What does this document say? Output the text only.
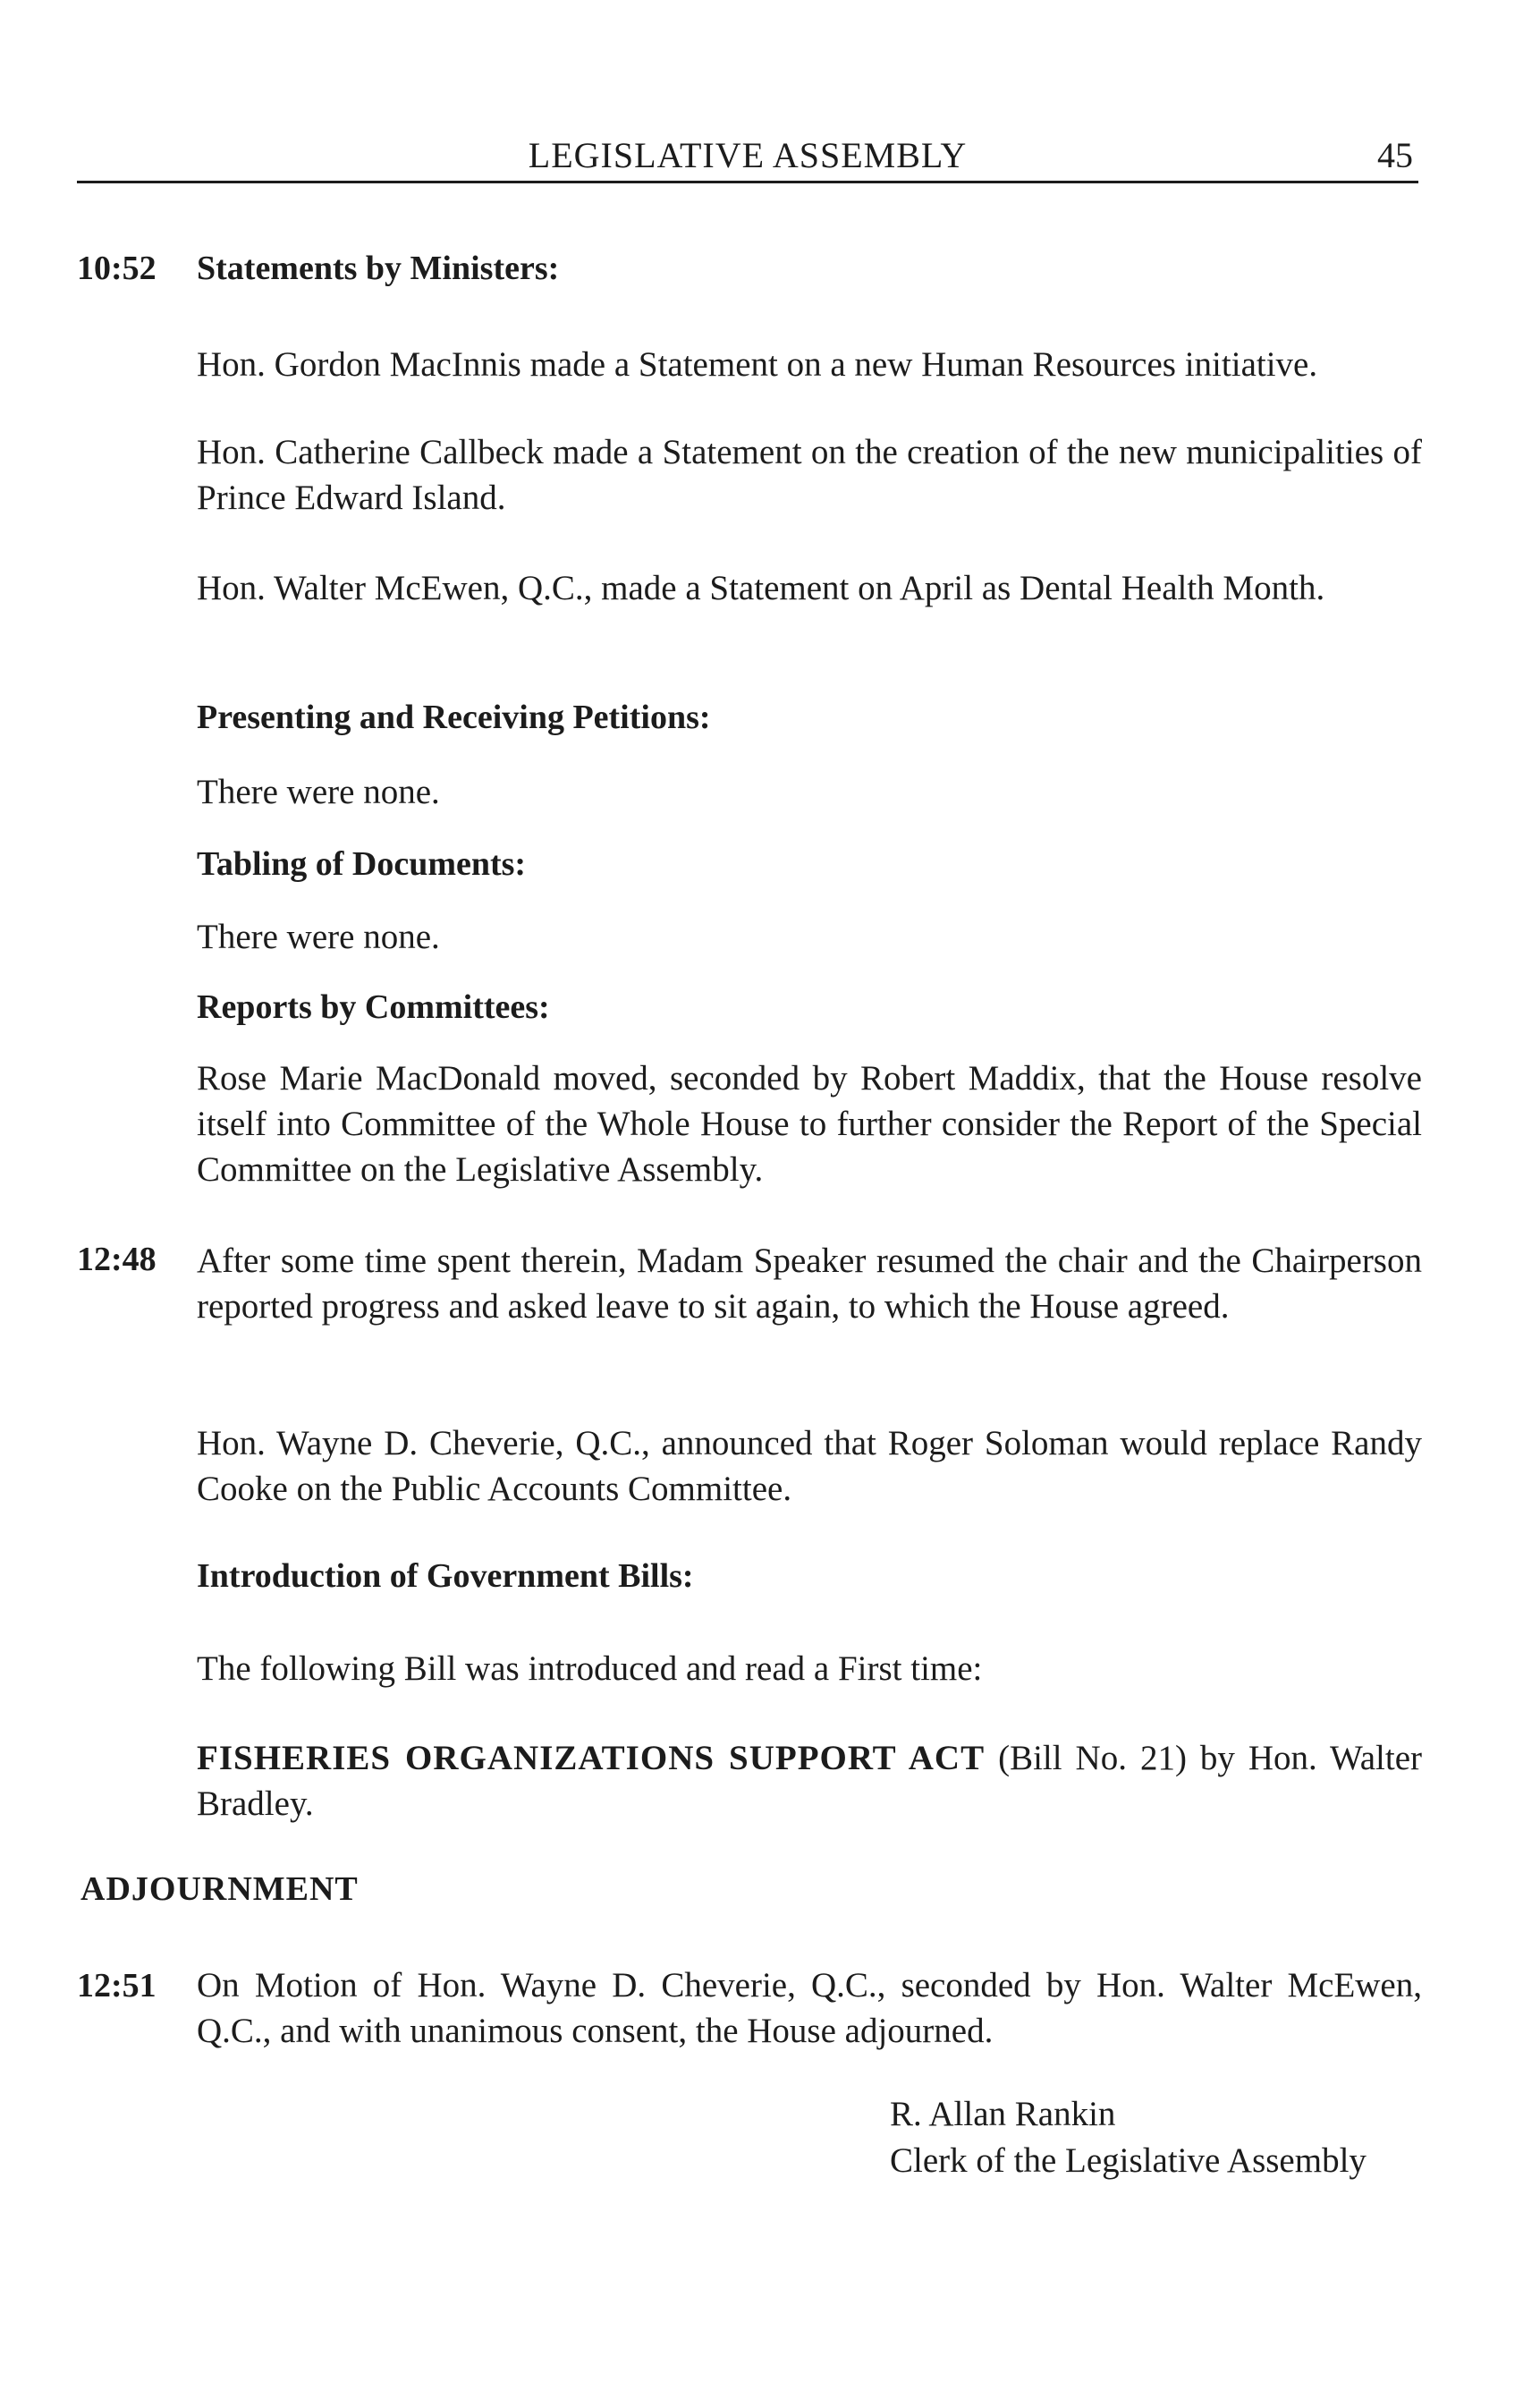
LEGISLATIVE ASSEMBLY	45
10:52 Statements by Ministers:
Hon. Gordon MacInnis made a Statement on a new Human Resources initiative.
Hon. Catherine Callbeck made a Statement on the creation of the new municipalities of Prince Edward Island.
Hon. Walter McEwen, Q.C., made a Statement on April as Dental Health Month.
Presenting and Receiving Petitions:
There were none.
Tabling of Documents:
There were none.
Reports by Committees:
Rose Marie MacDonald moved, seconded by Robert Maddix, that the House resolve itself into Committee of the Whole House to further consider the Report of the Special Committee on the Legislative Assembly.
12:48 After some time spent therein, Madam Speaker resumed the chair and the Chairperson reported progress and asked leave to sit again, to which the House agreed.
Hon. Wayne D. Cheverie, Q.C., announced that Roger Soloman would replace Randy Cooke on the Public Accounts Committee.
Introduction of Government Bills:
The following Bill was introduced and read a First time:
FISHERIES ORGANIZATIONS SUPPORT ACT (Bill No. 21) by Hon. Walter Bradley.
ADJOURNMENT
12:51 On Motion of Hon. Wayne D. Cheverie, Q.C., seconded by Hon. Walter McEwen, Q.C., and with unanimous consent, the House adjourned.
R. Allan Rankin
Clerk of the Legislative Assembly
